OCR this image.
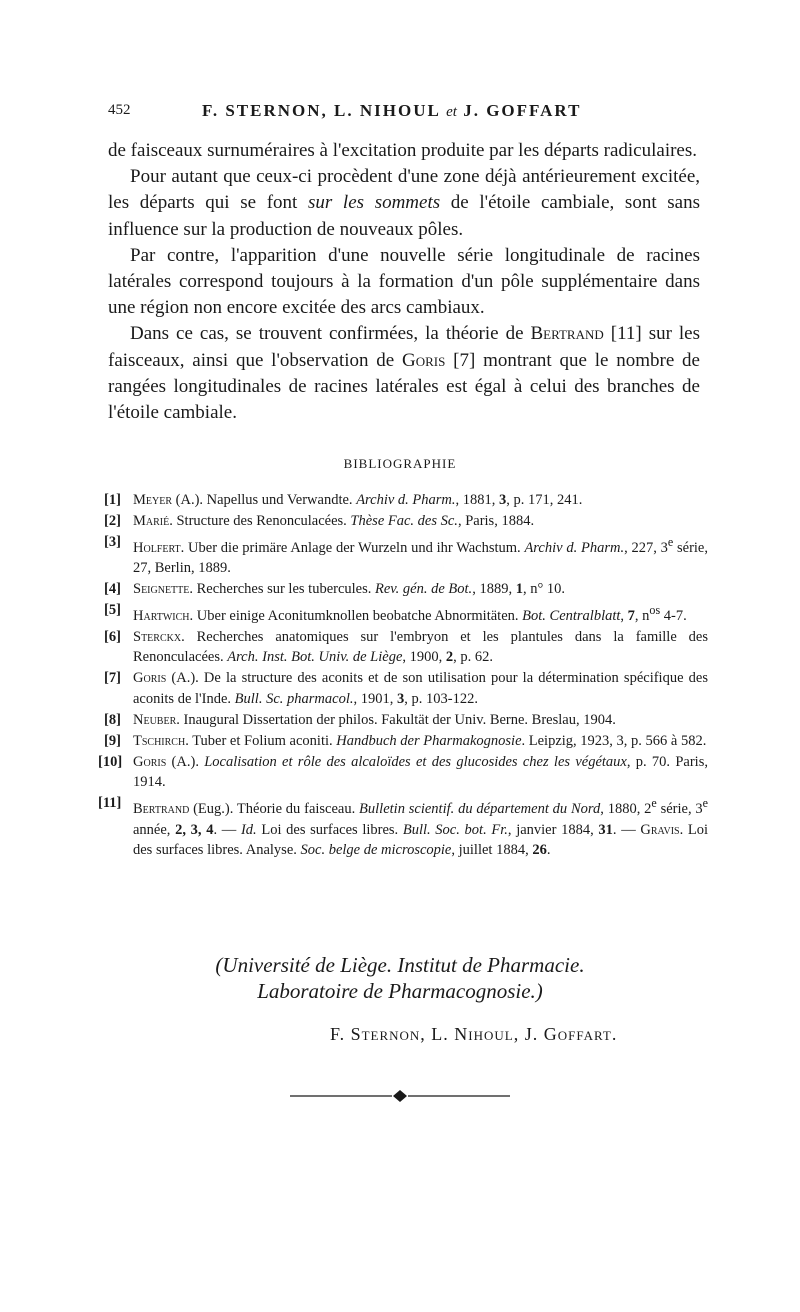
452	F. STERNON, L. NIHOUL et J. GOFFART

de faisceaux surnuméraires à l'excitation produite par les départs radiculaires.

Pour autant que ceux-ci procèdent d'une zone déjà antérieurement excitée, les départs qui se font sur les sommets de l'étoile cambiale, sont sans influence sur la production de nouveaux pôles.

Par contre, l'apparition d'une nouvelle série longitudinale de racines latérales correspond toujours à la formation d'un pôle supplémentaire dans une région non encore excitée des arcs cambiaux.

Dans ce cas, se trouvent confirmées, la théorie de Bertrand [11] sur les faisceaux, ainsi que l'observation de Goris [7] montrant que le nombre de rangées longitudinales de racines latérales est égal à celui des branches de l'étoile cambiale.

BIBLIOGRAPHIE
[1] Meyer (A.). Napellus und Verwandte. Archiv d. Pharm., 1881, 3, p. 171, 241.
[2] Marié. Structure des Renonculacées. Thèse Fac. des Sc., Paris, 1884.
[3] Holfert. Uber die primäre Anlage der Wurzeln und ihr Wachstum. Archiv d. Pharm., 227, 3e série, 27, Berlin, 1889.
[4] Seignette. Recherches sur les tubercules. Rev. gén. de Bot., 1889, 1, n° 10.
[5] Hartwich. Uber einige Aconitumknollen beobatche Abnormitäten. Bot. Centralblatt, 7, $n^{os}$ 4-7.
[6] Sterckx. Recherches anatomiques sur l'embryon et les plantules dans la famille des Renonculacées. Arch. Inst. Bot. Univ. de Liège, 1900, 2, p. 62.
[7] Goris (A.). De la structure des aconits et de son utilisation pour la détermination spécifique des aconits de l'Inde. Bull. Sc. pharmacol., 1901, 3, p. 103-122.
[8] Neuber. Inaugural Dissertation der philos. Fakultät der Univ. Berne. Breslau, 1904.
[9] Tschirch. Tuber et Folium aconiti. Handbuch der Pharmakognosie. Leipzig, 1923, 3, p. 566 à 582.
[10] Goris (A.). Localisation et rôle des alcaloïdes et des glucosides chez les végétaux, p. 70. Paris, 1914.
[11] Bertrand (Eug.). Théorie du faisceau. Bulletin scientif. du département du Nord, 1880, 2e série, 3e année, 2, 3, 4. — Id. Loi des surfaces libres. Bull. Soc. bot. Fr., janvier 1884, 31. — Gravis. Loi des surfaces libres. Analyse. Soc. belge de microscopie, juillet 1884, 26.
(Université de Liège. Institut de Pharmacie.
Laboratoire de Pharmacognosie.)
F. Sternon, L. Nihoul, J. Goffart.
